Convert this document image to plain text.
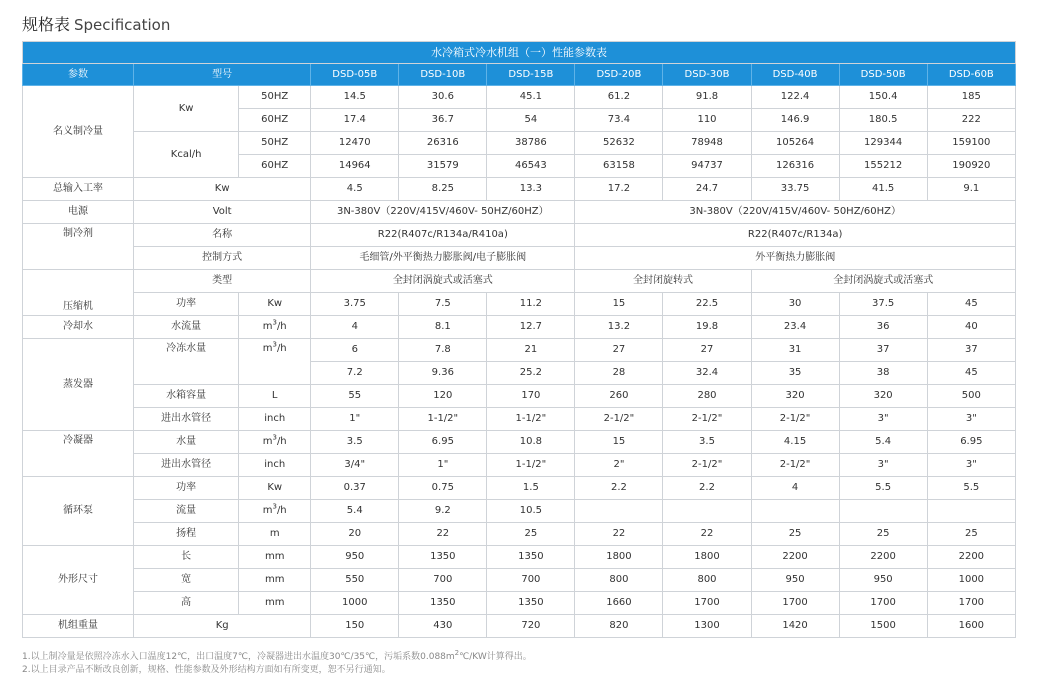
规格表 Specification
水冷箱式冷水机组（一）性能参数表										
参数	型号		DSD-05B	DSD-10B	DSD-15B	DSD-20B	DSD-30B	DSD-40B	DSD-50B	DSD-60B
名义制冷量	Kw	50HZ	14.5	30.6	45.1	61.2	91.8	122.4	150.4	185
		60HZ	17.4	36.7	54	73.4	110	146.9	180.5	222
	Kcal/h	50HZ	12470	26316	38786	52632	78948	105264	129344	159100
		60HZ	14964	31579	46543	63158	94737	126316	155212	190920
总输入工率	Kw		4.5	8.25	13.3	17.2	24.7	33.75	41.5	9.1
电源	Volt		3N-380V（220V/415V/460V- 50HZ/60HZ）			3N-380V（220V/415V/460V- 50HZ/60HZ）				
制冷剂	名称		R22(R407c/R134a/R410a)			R22(R407c/R134a)				
	控制方式		毛细管/外平衡热力膨胀阀/电子膨胀阀			外平衡热力膨胀阀				
压缩机	类型		全封闭涡旋式或活塞式			全封闭旋转式		全封闭涡旋式或活塞式		
	功率	Kw	3.75	7.5	11.2	15	22.5	30	37.5	45
冷却水	水流量	$m^3/h$	4	8.1	12.7	13.2	19.8	23.4	36	40
蒸发器	冷冻水量	$m^3/h$	6	7.8	21	27	27	31	37	37
			7.2	9.36	25.2	28	32.4	35	38	45
	水箱容量	L	55	120	170	260	280	320	320	500
	进出水管径	inch	1"	1-1/2"	1-1/2"	2-1/2"	2-1/2"	2-1/2"	3"	3"
冷凝器	水量	$m^3/h$	3.5	6.95	10.8	15	3.5	4.15	5.4	6.95
	进出水管径	inch	3/4"	1"	1-1/2"	2"	2-1/2"	2-1/2"	3"	3"
循环泵	功率	Kw	0.37	0.75	1.5	2.2	2.2	4	5.5	5.5
	流量	$m^3/h$	5.4	9.2	10.5					
	扬程	m	20	22	25	22	22	25	25	25
外形尺寸	长	mm	950	1350	1350	1800	1800	2200	2200	2200
	宽	mm	550	700	700	800	800	950	950	1000
	高	mm	1000	1350	1350	1660	1700	1700	1700	1700
机组重量	Kg		150	430	720	820	1300	1420	1500	1600
1.以上制冷量是依照冷冻水入口温度12℃，出口温度7℃，冷凝器进出水温度30℃/35℃，污垢系数$0.088m^2℃/KW$计算得出。
2.以上目录产品不断改良创新，规格、性能参数及外形结构方面如有所变更，恕不另行通知。
